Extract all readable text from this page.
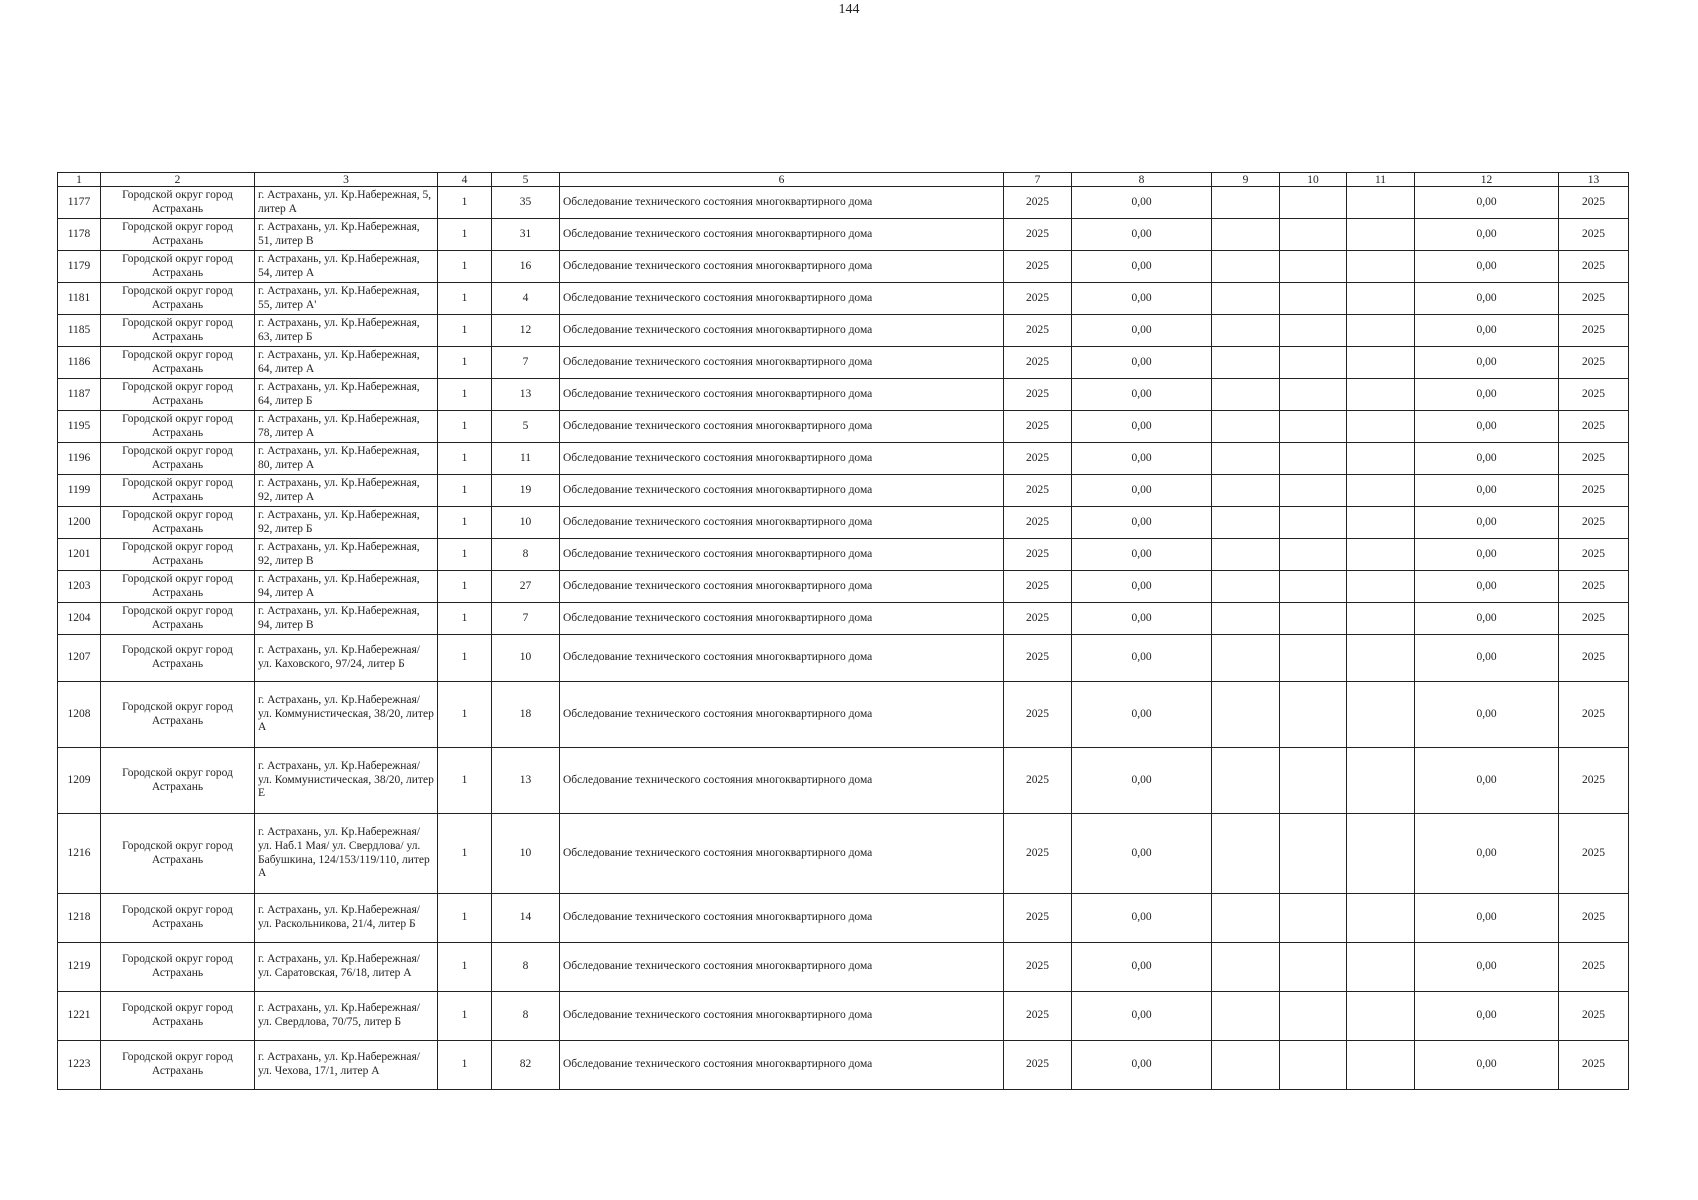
144
1	2	3	4	5	6	7	8	9	10	11	12	13
1177	Городской округ город Астрахань	г. Астрахань, ул. Кр.Набережная, 5, литер А	1	35	Обследование технического состояния многоквартирного дома	2025	0,00				0,00	2025
1178	Городской округ город Астрахань	г. Астрахань, ул. Кр.Набережная, 51, литер В	1	31	Обследование технического состояния многоквартирного дома	2025	0,00				0,00	2025
1179	Городской округ город Астрахань	г. Астрахань, ул. Кр.Набережная, 54, литер А	1	16	Обследование технического состояния многоквартирного дома	2025	0,00				0,00	2025
1181	Городской округ город Астрахань	г. Астрахань, ул. Кр.Набережная, 55, литер А'	1	4	Обследование технического состояния многоквартирного дома	2025	0,00				0,00	2025
1185	Городской округ город Астрахань	г. Астрахань, ул. Кр.Набережная, 63, литер Б	1	12	Обследование технического состояния многоквартирного дома	2025	0,00				0,00	2025
1186	Городской округ город Астрахань	г. Астрахань, ул. Кр.Набережная, 64, литер А	1	7	Обследование технического состояния многоквартирного дома	2025	0,00				0,00	2025
1187	Городской округ город Астрахань	г. Астрахань, ул. Кр.Набережная, 64, литер Б	1	13	Обследование технического состояния многоквартирного дома	2025	0,00				0,00	2025
1195	Городской округ город Астрахань	г. Астрахань, ул. Кр.Набережная, 78, литер А	1	5	Обследование технического состояния многоквартирного дома	2025	0,00				0,00	2025
1196	Городской округ город Астрахань	г. Астрахань, ул. Кр.Набережная, 80, литер А	1	11	Обследование технического состояния многоквартирного дома	2025	0,00				0,00	2025
1199	Городской округ город Астрахань	г. Астрахань, ул. Кр.Набережная, 92, литер А	1	19	Обследование технического состояния многоквартирного дома	2025	0,00				0,00	2025
1200	Городской округ город Астрахань	г. Астрахань, ул. Кр.Набережная, 92, литер Б	1	10	Обследование технического состояния многоквартирного дома	2025	0,00				0,00	2025
1201	Городской округ город Астрахань	г. Астрахань, ул. Кр.Набережная, 92, литер В	1	8	Обследование технического состояния многоквартирного дома	2025	0,00				0,00	2025
1203	Городской округ город Астрахань	г. Астрахань, ул. Кр.Набережная, 94, литер А	1	27	Обследование технического состояния многоквартирного дома	2025	0,00				0,00	2025
1204	Городской округ город Астрахань	г. Астрахань, ул. Кр.Набережная, 94, литер В	1	7	Обследование технического состояния многоквартирного дома	2025	0,00				0,00	2025
1207	Городской округ город Астрахань	г. Астрахань, ул. Кр.Набережная/ ул. Каховского, 97/24, литер Б	1	10	Обследование технического состояния многоквартирного дома	2025	0,00				0,00	2025
1208	Городской округ город Астрахань	г. Астрахань, ул. Кр.Набережная/ ул. Коммунистическая, 38/20, литер А	1	18	Обследование технического состояния многоквартирного дома	2025	0,00				0,00	2025
1209	Городской округ город Астрахань	г. Астрахань, ул. Кр.Набережная/ ул. Коммунистическая, 38/20, литер Е	1	13	Обследование технического состояния многоквартирного дома	2025	0,00				0,00	2025
1216	Городской округ город Астрахань	г. Астрахань, ул. Кр.Набережная/ ул. Наб.1 Мая/ ул. Свердлова/ ул. Бабушкина, 124/153/119/110, литер А	1	10	Обследование технического состояния многоквартирного дома	2025	0,00				0,00	2025
1218	Городской округ город Астрахань	г. Астрахань, ул. Кр.Набережная/ ул. Раскольникова, 21/4, литер Б	1	14	Обследование технического состояния многоквартирного дома	2025	0,00				0,00	2025
1219	Городской округ город Астрахань	г. Астрахань, ул. Кр.Набережная/ ул. Саратовская, 76/18, литер А	1	8	Обследование технического состояния многоквартирного дома	2025	0,00				0,00	2025
1221	Городской округ город Астрахань	г. Астрахань, ул. Кр.Набережная/ ул. Свердлова, 70/75, литер Б	1	8	Обследование технического состояния многоквартирного дома	2025	0,00				0,00	2025
1223	Городской округ город Астрахань	г. Астрахань, ул. Кр.Набережная/ ул. Чехова, 17/1, литер А	1	82	Обследование технического состояния многоквартирного дома	2025	0,00				0,00	2025
